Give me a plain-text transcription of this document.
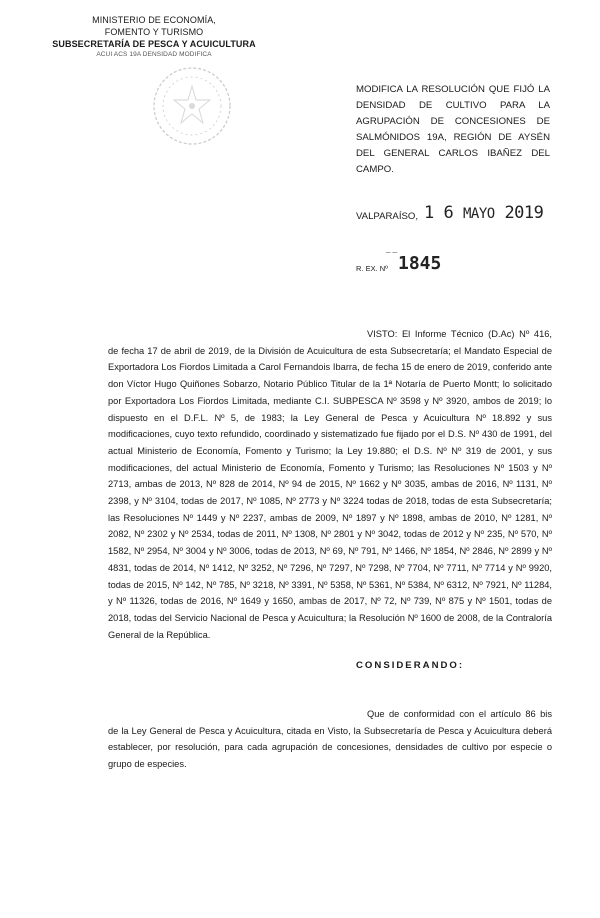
MINISTERIO DE ECONOMÍA,
FOMENTO Y TURISMO
SUBSECRETARÍA DE PESCA Y ACUICULTURA
ACUI ACS 19A DENSIDAD MODIFICA
MODIFICA LA RESOLUCIÓN QUE FIJÓ LA DENSIDAD DE CULTIVO PARA LA AGRUPACIÓN DE CONCESIONES DE SALMÓNIDOS 19A, REGIÓN DE AYSÉN DEL GENERAL CARLOS IBAÑEZ DEL CAMPO.
VALPARAÍSO, 1 6 MAYO 2019
_ _
R. EX. Nº 1845
VISTO: El Informe Técnico (D.Ac) Nº 416, de fecha 17 de abril de 2019, de la División de Acuicultura de esta Subsecretaría; el Mandato Especial de Exportadora Los Fiordos Limitada a Carol Fernandois Ibarra, de fecha 15 de enero de 2019, conferido ante don Víctor Hugo Quiñones Sobarzo, Notario Público Titular de la 1ª Notaría de Puerto Montt; lo solicitado por Exportadora Los Fiordos Limitada, mediante C.I. SUBPESCA Nº 3598 y Nº 3920, ambos de 2019; lo dispuesto en el D.F.L. Nº 5, de 1983; la Ley General de Pesca y Acuicultura Nº 18.892 y sus modificaciones, cuyo texto refundido, coordinado y sistematizado fue fijado por el D.S. Nº 430 de 1991, del actual Ministerio de Economía, Fomento y Turismo; la Ley 19.880; el D.S. Nº Nº 319 de 2001, y sus modificaciones, del actual Ministerio de Economía, Fomento y Turismo; las Resoluciones Nº 1503 y Nº 2713, ambas de 2013, Nº 828 de 2014, Nº 94 de 2015, Nº 1662 y Nº 3035, ambas de 2016, Nº 1131, Nº 2398, y Nº 3104, todas de 2017, Nº 1085, Nº 2773 y Nº 3224 todas de 2018, todas de esta Subsecretaría; las Resoluciones Nº 1449 y Nº 2237, ambas de 2009, Nº 1897 y Nº 1898, ambas de 2010, Nº 1281, Nº 2082, Nº 2302 y Nº 2534, todas de 2011, Nº 1308, Nº 2801 y Nº 3042, todas de 2012 y Nº 235, Nº 570, Nº 1582, Nº 2954, Nº 3004 y Nº 3006, todas de 2013, Nº 69, Nº 791, Nº 1466, Nº 1854, Nº 2846, Nº 2899 y Nº 4831, todas de 2014, Nº 1412, Nº 3252, Nº 7296, Nº 7297, Nº 7298, Nº 7704, Nº 7711, Nº 7714 y Nº 9920, todas de 2015, Nº 142, Nº 785, Nº 3218, Nº 3391, Nº 5358, Nº 5361, Nº 5384, Nº 6312, Nº 7921, Nº 11284, y Nº 11326, todas de 2016, Nº 1649 y 1650, ambas de 2017, Nº 72, Nº 739, Nº 875 y Nº 1501, todas de 2018, todas del Servicio Nacional de Pesca y Acuicultura; la Resolución Nº 1600 de 2008, de la Contraloría General de la República.
CONSIDERANDO:
Que de conformidad con el artículo 86 bis de la Ley General de Pesca y Acuicultura, citada en Visto, la Subsecretaría de Pesca y Acuicultura deberá establecer, por resolución, para cada agrupación de concesiones, densidades de cultivo por especie o grupo de especies.
